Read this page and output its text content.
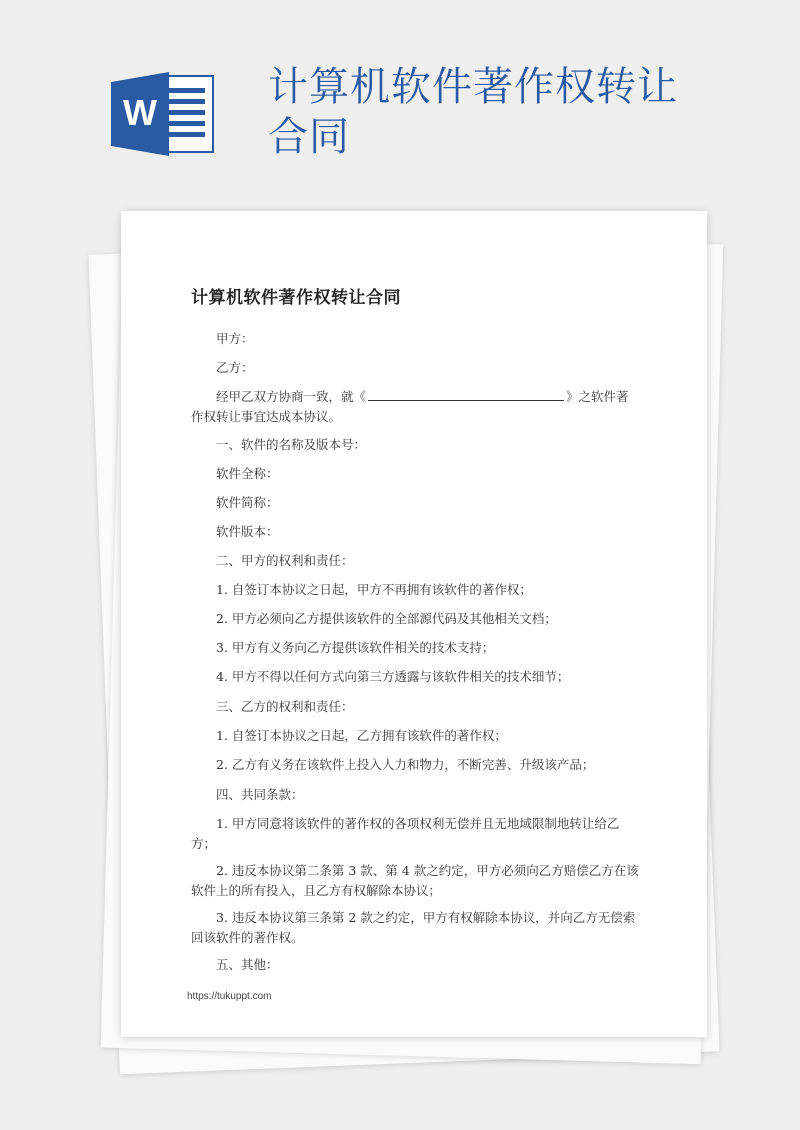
W
计算机软件著作权转让合同
计算机软件著作权转让合同
甲方：
乙方：
经甲乙双方协商一致，就《	》之软件著作权转让事宜达成本协议。
一、软件的名称及版本号：
软件全称：
软件简称：
软件版本：
二、甲方的权利和责任：
1. 自签订本协议之日起，甲方不再拥有该软件的著作权；
2. 甲方必须向乙方提供该软件的全部源代码及其他相关文档；
3. 甲方有义务向乙方提供该软件相关的技术支持；
4. 甲方不得以任何方式向第三方透露与该软件相关的技术细节；
三、乙方的权利和责任：
1. 自签订本协议之日起，乙方拥有该软件的著作权；
2. 乙方有义务在该软件上投入人力和物力，不断完善、升级该产品；
四、共同条款：
1. 甲方同意将该软件的著作权的各项权利无偿并且无地域限制地转让给乙方；
2. 违反本协议第二条第 3 款、第 4 款之约定，甲方必须向乙方赔偿乙方在该软件上的所有投入，且乙方有权解除本协议；
3. 违反本协议第三条第 2 款之约定，甲方有权解除本协议，并向乙方无偿索回该软件的著作权。
五、其他：
https://tukuppt.com
